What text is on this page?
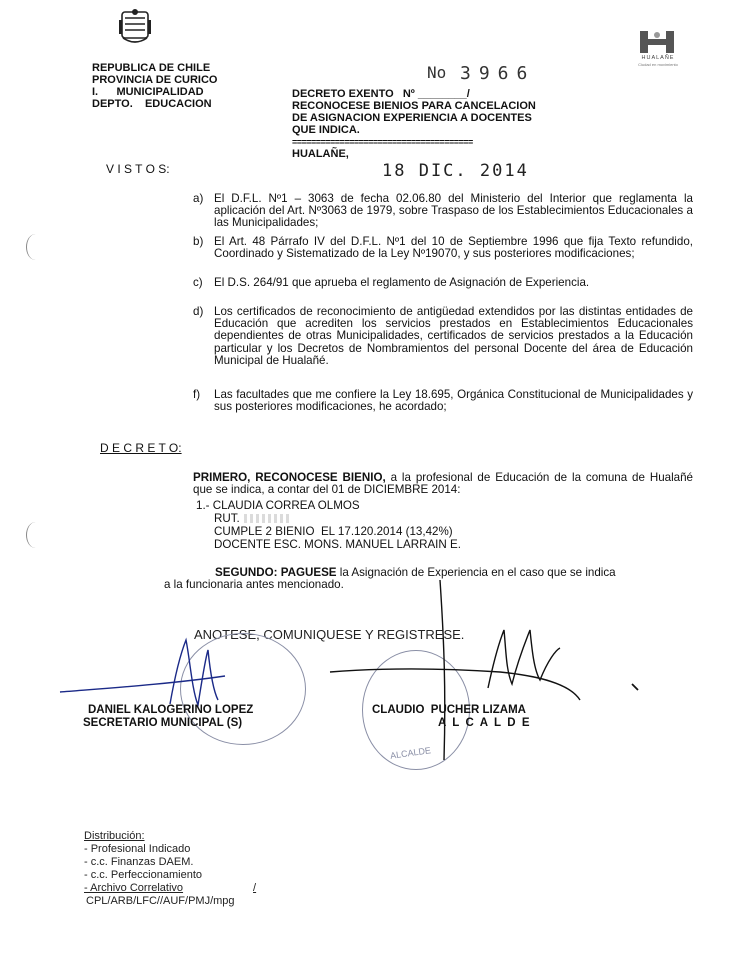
REPUBLICA DE CHILE
PROVINCIA DE CURICO
I.      MUNICIPALIDAD
DEPTO.    EDUCACION
HUALAÑE
Ciudad en movimiento
No 3966
DECRETO EXENTO   Nº ________/
RECONOCESE BIENIOS PARA CANCELACION
DE ASIGNACION EXPERIENCIA A DOCENTES
QUE INDICA.
======================================
HUALAÑE,
18 DIC. 2014
V I S T O S:
a) El D.F.L. Nº1 – 3063 de fecha 02.06.80 del Ministerio del Interior que reglamenta la aplicación del Art. Nº3063 de 1979, sobre Traspaso de los Establecimientos Educacionales a las Municipalidades;
b) El Art. 48 Párrafo IV del D.F.L. Nº1 del 10 de Septiembre 1996 que fija Texto refundido, Coordinado y Sistematizado de la Ley Nº19070, y sus posteriores modificaciones;
c) El D.S. 264/91 que aprueba el reglamento de Asignación de Experiencia.
d) Los certificados de reconocimiento de antigüedad extendidos por las distintas entidades de Educación que acrediten los servicios prestados en Establecimientos Educacionales dependientes de otras Municipalidades, certificados de servicios prestados a la Educación particular y los Decretos de Nombramientos del personal Docente del área de Educación Municipal de Hualañé.
f) Las facultades que me confiere la Ley 18.695, Orgánica Constitucional de Municipalidades y sus posteriores modificaciones, he acordado;
D E C R E T O:
PRIMERO, RECONOCESE BIENIO, a la profesional de Educación de la comuna de Hualañé que se indica, a contar del 01 de DICIEMBRE 2014:
1.- CLAUDIA CORREA OLMOS
RUT.
CUMPLE 2 BIENIO  EL 17.120.2014 (13,42%)
DOCENTE ESC. MONS. MANUEL LARRAIN E.
SEGUNDO: PAGUESE la Asignación de Experiencia en el caso que se indica a la funcionaria antes mencionado.
ANOTESE, COMUNIQUESE Y REGISTRESE.
ALCALDE
DANIEL KALOGERINO LOPEZ
SECRETARIO MUNICIPAL (S)
CLAUDIO  PUCHER LIZAMA
A  L  C  A  L  D  E
Distribución:
- Profesional Indicado
- c.c. Finanzas DAEM.
- c.c. Perfeccionamiento
- Archivo Correlativo	/
CPL/ARB/LFC//AUF/PMJ/mpg
